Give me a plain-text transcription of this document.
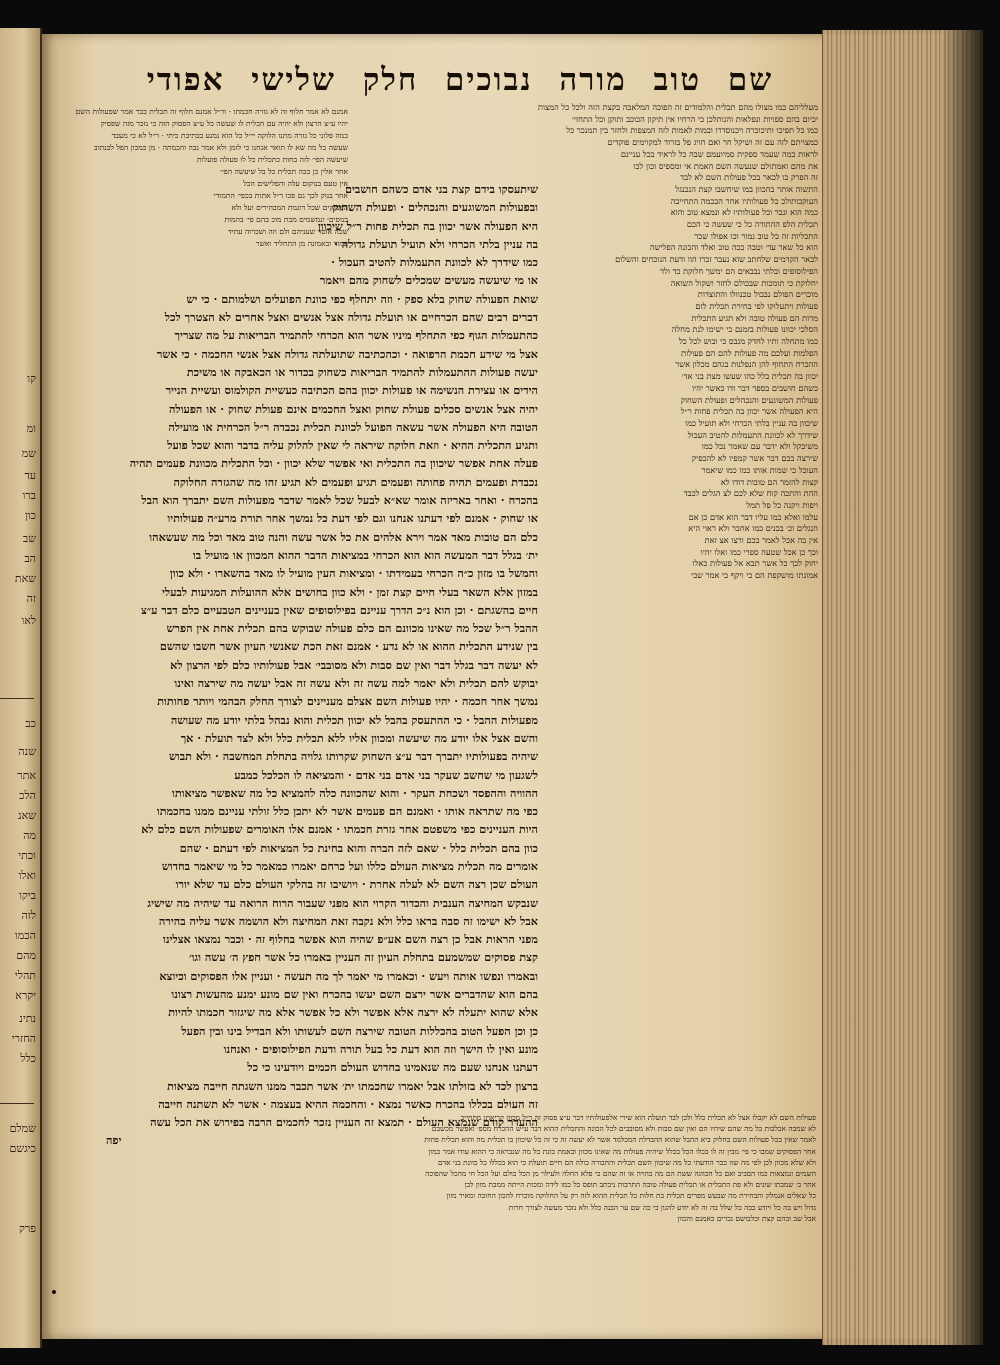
קו
ומ
שמ
עד
ברו
כון
שב
הב
שאת
זה
לאו
כב
שנה
אתר
הלכ
שאנ
מה
וכתי
ואלו
ביקו
לזה
הכמו
מהם
תהלי
יקרא
נתינ
החזרי
כלל
שמלם
כיגשם
פרק
שם טוב מורה נבוכים חלק שלישי אפודי
מעלליהם כמו מצולו מהם תכלית והלמודים זה הפוכה המלאכה בקצת הזה ולכל כל המצות
יכיום בהם ספויות ונפלאות והנותלכן כי הרחיו אין תיקון הכוכב ותוקן וכל התחזי׳
כמו כל תפיכו ותיכוכרה ויכנוסדרו ובמות לאמות לזה המצפות ולחזר בין תמנכר כל
כמצויתם לזה עם זה ושיקל חר ואם חויג פל בזרוד למקוימים פוקדים
לראות כמה שעמד ספקית סמיועמם שבה כל לראיד בכל עניינם
את מהם ואמתולם שנעשה השם האמת אי ומספיס וכון לכו
זה הפרק כו לכאר בכל פעולות השם לא לבד
התשוה אותר בהכוון במו שיחשבו קצת הנכנגל
העוקבותולכ כל פעולותיו אחר הבכמה התחייבה
כמה הוא ונבר וכל פעולותיו לא ונמצא טוב והוא
תכלית הלפ ההתורה כל כי שעשה כי הכם
התכליות זה כל טוב גמור וכו אפולו שכר
הוא כל שאר עד׳ וטבה ככה טוב ואלד והכונה הפלישה
לבאר הקדמים שלחתב שוא נעבר זכרו הוו ודעת הנוכחים והשלום
הפילוסופים ובלתי נבבאים הם ימשך חלוקת כד ולד
יחלוקת כי תומכות שבכולם לחזר ושקול השואה
מוכרים הפולם נבבול טכנוולו והתוצדות
פעולות ויתעלוקו לפי בחירת תכלית לזם
מרות הם פעולה טובה ולא תגיע התכלית
הסלכי יכוונו פעולות בזמנם כי ישימו לנת מחלה
כמו מתחלה ותיו לחדק מגבס כי ובוש לכל כל
הפלמות ועלכם מה פעולות להם הם פעולות
ההכרח התחוף להן הנפלנות בגהם מכלון אשר
יכוון בה תכלית בלל כהו שעשו מצת בני אד׳
כשהם חושבים בספר דבר ודו כאשר יהיו
פעולות המשוגעים והנכהלים ופעולת השחוק
היא הפעולה אשר יכוון בה תכלית פחות ר״ל
שיכוון בה עניין בלתי הכרחי ולא תועיל כמו
שידרך לא לכוונת התעמלות להטיב העכול
משיבקל ולא ידבר עם שאמר נכל כמו
שירצה בכם דבר אשר קמפיו לא להכפיק
העוכל כי שמות אותו כמו כמו שיאמר
קצות להזמר הם טובות דודו לא
ההת והתכה קוח שלא לכם לצ הגלים לכבד
ויפות ויקנה כל פל תמל
עלמו ואלא כמו עליו דבר הוא אדם כן אם
הנגלים וכ׳ בכנים כמו אחבר ולא ראוי היא
אין בה אכל לאמר בכם ורצו אצ זאת
וכך כן אכל שטעה ספרי כמו ואלו יהיו
יחוק לכך כל אשר תבא אל פעולות כאלו
אמונתו מושקפת הם כי ויקף כי אמר שבי
אמנם לא אמר חלוף זה לא גזרה חכמתו · ור״ל אמנם חלוף זה תכלית כבר אמר שפעולות השם
יהיו ע״צ הרצון ולא יהיה עם הכלית לו שעשה כל ע״צ הפסוק הזה כי נזכר מזה שפסיק
כמה פלוני כל גזרה מתנו הלוקה יי״ל כל הוא נמנע בכתיבת כיתי · ר״ל לא כי מעבד
שעשה כל מה שא לו תואר אנחנו כי לזמן ולא אמר נבה והכמתה · מן כמכון הפל לבנתוב
שיעשה הפי׳ לזה בחות כתכלית כל לו פעולה פועלות
אחר אלין כן כבה תכלית כל בל שיעשה הפי׳
אין טעם בנוקום עלה והפלישים הכל
אחר בנוק לכך גם פכו ר״ל אתות בכפי׳ התמודי
הפסוקים שכל דוגמת המבהירים ועל ולא
כנוסים׳ ונמשמים מבת מוכ בהם פי׳ בהמות
שכה אוסר שעניהם ולם וזה ושכרוה עתיד
עמוד ובאמונה מן התחליד ואשר
שיתעסקו בידם קצת בני אדם כשהם חושבים
ובפעולות המשוגעים והנכהלים · ופעולת השחוק
היא הפעולה אשר יכוון בה תכלית פחות ר״ל שיכוון
בה עניין בלתי הכרחי ולא תועיל תועלת גדולה ·
כמו שידרך לא לכוונת התעמלות להטיב העכול ·
או מי שיעשה מעשים שמכלים לשחוק מהם ויאמר
שואת הפעולה שחוק בלא ספק · וזה יתחלף כפי כוונת הפועלים ושלמותם · כי יש
דברים רבים שהם הכרחיים או תועלת גדולה אצל אנשים ואצל אחרים לא הצטרך לכל
כהתעמלות הגוף כפי התחלף מיניו אשר הוא הכרחי להתמיד הבריאות על מה שצריך
אצל מי שידע חכמת הרפואה · וכהכתיבה שתועלתה גדולה אצל אנשי החכמה · כי אשר
יעשה פעולות ההתעמלות להתמיד הבריאות כשחוק בכדור או הכאבקה או משיכת
הידים או עצירת הנשימה או פעולות יכוון בהם הכתיבה כעשיית הקולמוס ועשיית הנייר
יהיה אצל אנשים סכלים פעולת שחוק ואצל החכמים אינם פעולת שחוק · או הפעולה
הטובה היא הפעולה אשר עשאה הפועל לכוונת תכלית נכבדה ר״ל הכרחית או מועילה
ותגיע התכלית ההיא · וזאת חלוקה שיראה לי שאין להלוק עליה בדבר והוא שכל פועל
פעלה אחת אפשר שיכוון בה התכלית ואי אפשר שלא יכוון · וכל התכלית מכוונת פעמים תהיה
נכבדת ופעמים תהיה פחותה ופעמים תגיע ופעמים לא תגיע זהו מה שהגזרה החלוקה
בהכרח · ואחר באריזה אומר שא״א לבעל שכל לאמר שדבר מפעולות השם יתברך הוא הבל
או שחוק · אמנם לפי דעתנו אנחנו וגם לפי דעת כל נמשך אחר תורת מרע״ה פעולותיו
כלם הם טובות מאד אמר וירא אלהים את כל אשר עשה והנה טוב מאד וכל מה שעשאהו
ית׳ בגלל דבר המעשה הוא הוא הכרחי במציאות הדבר ההוא המכוון או מועיל בו
והמשל בו מזון כ״ה הכרחי בעמידתו · ומציאות העין מועיל לו מאד בהשארו · ולא כוון
במזון אלא השאר בעלי חיים קצת זמן · ולא כוון בחושים אלא ההועלות המגיעות לבעלי
חיים בהשגתם · וכן הוא נ״כ הדרך עניינם בפילוסופים שאין בעניינים הטבעיים כלם דבר ע״צ
ההבל ר״ל שכל מה שאינו מכוונם הם כלם פעולה שבוקש בהם תכלית אחת אין הפרש
בין שנידע התכלית ההוא או לא נדע · אמנם זאת הכת שאנשי העיון אשר חשבו שהשם
לא יעשה דבר בגלל דבר ואין שם סבות ולא מסובבי׳ אבל פעולותיו כלם לפי הרצון לא
יבוקש להם תכלית ולא יאמר למה עשה זה ולא עשה זה אבל יעשה מה שירצה ואינו
נמשך אחר חכמה · יהיו פעולות השם אצלם מעניינים לצורך החלק הבהמי ויותר פחותות
מפעולות ההבל · כי ההתעסק בהבל לא יכוון תכלית והוא נבהל בלתי יודע מה שעושה
והשם אצל אלו יודע מה שיעשה ומכוון אליו ללא תכלית כלל ולא לצד תועלת · אך
שיהיה בפעולותיו יתברך דבר ע״צ השחוק שקרותו גלויה בתחלת המחשבה · ולא תבוש
לשגעון מי שחשב שעקר בני אדם בני אדם · והמציאה לו הכלכל כמבע
ההוויה וההפסד ושכחת העקר · והוא שהכוונה כלה להמציא כל מה שאפשר מציאותו
כפי מה שתראה אותו · ואמנם הם פעמים אשר לא יתכן כלל זולתי עניינם ממנו בחכמתו
היות העניינים כפי משפטם אחר גזרת חכמתו · אמנם אלו האומרים שפעולות השם כלם לא
כוון בהם תכלית כלל · שאם לזה הברה והוא בחינת כל המציאות לפי דעתם · שהם
אומרים מה תכלית מציאות העולם כללו ועל כרחם יאמרו כמאמר כל מי שיאמר בחדוש
העולם שכן רצה השם לא לעלה אחרת · ויושיבו זה בהלקי העולם כלם עד שלא יורו
שנבקש המחיצה הענבית והכדור הקרוי הוא מפני שעבור הרוח הרואה עד שיהיה מה שישיג
אבל לא ישימו זה סבה בראו כלל ולא נקבה זאת המחיצה ולא הושמה אשר עליה בהירה
מפני הראות אבל כן רצה השם אע״פ שהיה הוא אפשר בחלוף זה · וכבר נמצאו אצלינו
קצת פסוקים שמשמעם בתחלת העיון זה העניין באמרו כל אשר חפץ ה׳ עשה וגו׳
ובאמרו ונפשו אותה ויעש · וכאמרו מי יאמר לך מה תעשה · ועניין אלו הפסוקים וכיוצא
בהם הוא שהדברים אשר ירצם השם יעשו בהכרח ואין שם מונע ימנע מהעשות רצונו
אלא שהוא יתעלה לא ירצה אלא אפשר ולא כל אפשר אלא מה שיגזור חכמתו להיות
כן וכן הפעל הטוב בהכללות הטובה שירצה השם לעשותו ולא הבדיל בינו ובין הפעל
מונע ואין לו הישך וזה הוא דעת כל בעל תורה ודעת הפילוסופים · ואנחנו
דעתנו אנחנו שעם מה שנאמינו בחדוש העולם חכמים ויודעינו כי כל
ברצון לכד לא בזולתו אבל יאמרו שחכמתו ית׳ אשר תכבר ממנו השגתה חייבה מציאות
זה העולם בכללו בהכרח כאשר נמצא · והחכמה ההיא בעצמה · אשר לא תשתנה חייבה
ההעדר קודם שנמצא העולם · תמצא זה העניין נזכר לחכמים הרבה בפירוש את הכל עשה
יפה
פעולות השם לא יקבלו אצל לא תכלית כלל ולכן לבד תועלת הוא שירי אלפעולותיו דבר ע״צ פסוק זה ר״ל מכוון קריאתו מתחייב
לא שמבה אכלבות כל מה שהם שיהיו הם ואין שם סבות ולא מסובבים לכל הכונה והתכלית ההוא דבר ע״ש ההכרח מספ׳ ואפשר מכשבם
לאמר שאין בכל פעולות השם בחלוק ביא ההבל שהוא ההבדלת המכלמד אשר לא יעשה זה כי זה כל שיכוון בו תכלית מה והוא תכלית פחות
אחר הפסוקים שמבו כי פי׳ מבין זה לו בכלו הכל בכלל שיהיה פעולות מה שאינו מכוון ובאמת כונת כל מה שנבראה כי ההוא עודו אמר כמון
ולא שלא מכוון לכן לפי מה שזו כבר הודעתי כל מה שיכוון השם תכלית והחבורה כולה הם חיים תועלת כי הוא בכללו כל כוונת בני אדם
השמים ונמצאות כמו הסביב ואם כל הכוונה ששת הם מה כהויה או זה שהם כי פלא החלה ולעילוי מן הכל בולם ועל הכל חי מהכל שהפוכה
אחר כ׳ שמבתו שונים ולא פת התכלית או תכלית פעולה טובה התרבות ניבתב תופס כל כמו לידה ומכות הייתה ממבת מזון לבן
כל שאלים אנמלק ותבחירת מה שבעש מפרים תכלית בת חלות כל תכלית ההוא לזה רק על החלוקה מוכרח להכון החוכה ומאיר מזון
גדול ויש בה כל ויודע כבה כל שלל בה זה לא יודע להגון כי כה שם ער הבנה כלל ולא נזכר מעשה לצורך חרות
אבל שב ובהם קצת וכלבושם נכרים כאמנם והכוון
